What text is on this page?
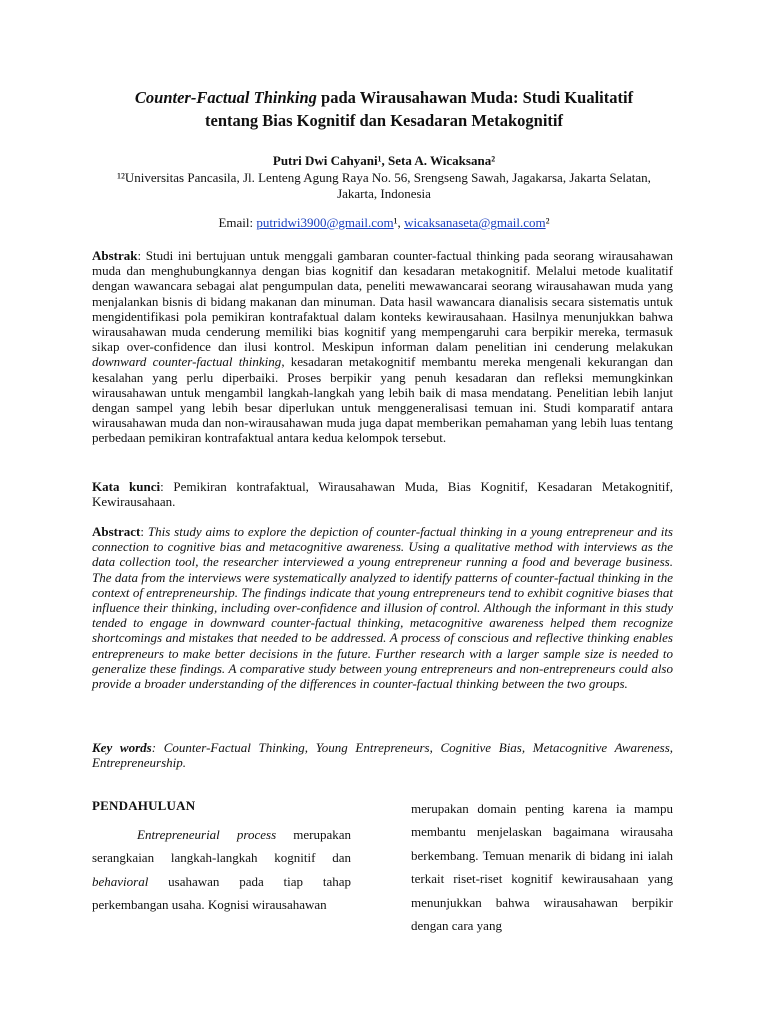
Counter-Factual Thinking pada Wirausahawan Muda: Studi Kualitatif
tentang Bias Kognitif dan Kesadaran Metakognitif
Putri Dwi Cahyani¹, Seta A. Wicaksana²
¹²Universitas Pancasila, Jl. Lenteng Agung Raya No. 56, Srengseng Sawah, Jagakarsa, Jakarta Selatan, Jakarta, Indonesia
Email: putridwi3900@gmail.com¹, wicaksanaseta@gmail.com²
Abstrak: Studi ini bertujuan untuk menggali gambaran counter-factual thinking pada seorang wirausahawan muda dan menghubungkannya dengan bias kognitif dan kesadaran metakognitif. Melalui metode kualitatif dengan wawancara sebagai alat pengumpulan data, peneliti mewawancarai seorang wirausahawan muda yang menjalankan bisnis di bidang makanan dan minuman. Data hasil wawancara dianalisis secara sistematis untuk mengidentifikasi pola pemikiran kontrafaktual dalam konteks kewirausahaan. Hasilnya menunjukkan bahwa wirausahawan muda cenderung memiliki bias kognitif yang mempengaruhi cara berpikir mereka, termasuk sikap over-confidence dan ilusi kontrol. Meskipun informan dalam penelitian ini cenderung melakukan downward counter-factual thinking, kesadaran metakognitif membantu mereka mengenali kekurangan dan kesalahan yang perlu diperbaiki. Proses berpikir yang penuh kesadaran dan refleksi memungkinkan wirausahawan untuk mengambil langkah-langkah yang lebih baik di masa mendatang. Penelitian lebih lanjut dengan sampel yang lebih besar diperlukan untuk menggeneralisasi temuan ini. Studi komparatif antara wirausahawan muda dan non-wirausahawan muda juga dapat memberikan pemahaman yang lebih luas tentang perbedaan pemikiran kontrafaktual antara kedua kelompok tersebut.
Kata kunci: Pemikiran kontrafaktual, Wirausahawan Muda, Bias Kognitif, Kesadaran Metakognitif, Kewirausahaan.
Abstract: This study aims to explore the depiction of counter-factual thinking in a young entrepreneur and its connection to cognitive bias and metacognitive awareness. Using a qualitative method with interviews as the data collection tool, the researcher interviewed a young entrepreneur running a food and beverage business. The data from the interviews were systematically analyzed to identify patterns of counter-factual thinking in the context of entrepreneurship. The findings indicate that young entrepreneurs tend to exhibit cognitive biases that influence their thinking, including over-confidence and illusion of control. Although the informant in this study tended to engage in downward counter-factual thinking, metacognitive awareness helped them recognize shortcomings and mistakes that needed to be addressed. A process of conscious and reflective thinking enables entrepreneurs to make better decisions in the future. Further research with a larger sample size is needed to generalize these findings. A comparative study between young entrepreneurs and non-entrepreneurs could also provide a broader understanding of the differences in counter-factual thinking between the two groups.
Key words: Counter-Factual Thinking, Young Entrepreneurs, Cognitive Bias, Metacognitive Awareness, Entrepreneurship.
PENDAHULUAN
Entrepreneurial process merupakan serangkaian langkah-langkah kognitif dan behavioral usahawan pada tiap tahap perkembangan usaha. Kognisi wirausahawan
merupakan domain penting karena ia mampu membantu menjelaskan bagaimana wirausaha berkembang. Temuan menarik di bidang ini ialah terkait riset-riset kognitif kewirausahaan yang menunjukkan bahwa wirausahawan berpikir dengan cara yang
